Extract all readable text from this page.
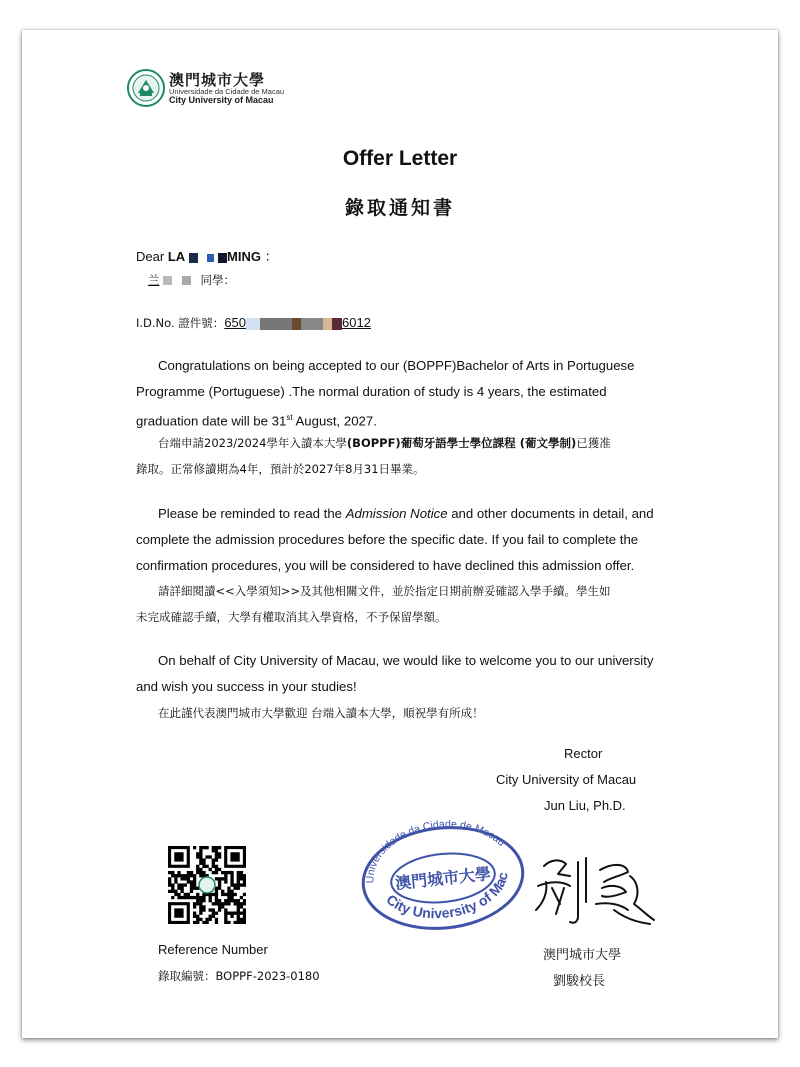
澳門城市大學
Universidade da Cidade de Macau
City University of Macau
Offer Letter
錄取通知書
Dear LA	MING ：
兰	同學：
I.D.No. 證件號：650	6012
Congratulations on being accepted to our (BOPPF)Bachelor of Arts in Portuguese
Programme (Portuguese) .The normal duration of study is 4 years, the estimated
graduation date will be 31st August, 2027.
台端申請2023/2024學年入讀本大學(BOPPF)葡萄牙語學士學位課程 (葡文學制)已獲准
錄取。正常修讀期為4年，預計於2027年8月31日畢業。
Please be reminded to read the Admission Notice and other documents in detail, and
complete the admission procedures before the specific date. If you fail to complete the
confirmation procedures, you will be considered to have declined this admission offer.
請詳細閱讀<<入學須知>>及其他相關文件，並於指定日期前辦妥確認入學手續。學生如
未完成確認手續，大學有權取消其入學資格，不予保留學額。
On behalf of City University of Macau, we would like to welcome you to our university
and wish you success in your studies!
在此謹代表澳門城市大學歡迎 台端入讀本大學，順祝學有所成！
Rector
City University of Macau
Jun Liu, Ph.D.
Universidade da Cidade de Macau
澳門城市大學
City University of Macau
Reference Number
錄取編號：BOPPF-2023-0180
澳門城市大學
劉駿校長
